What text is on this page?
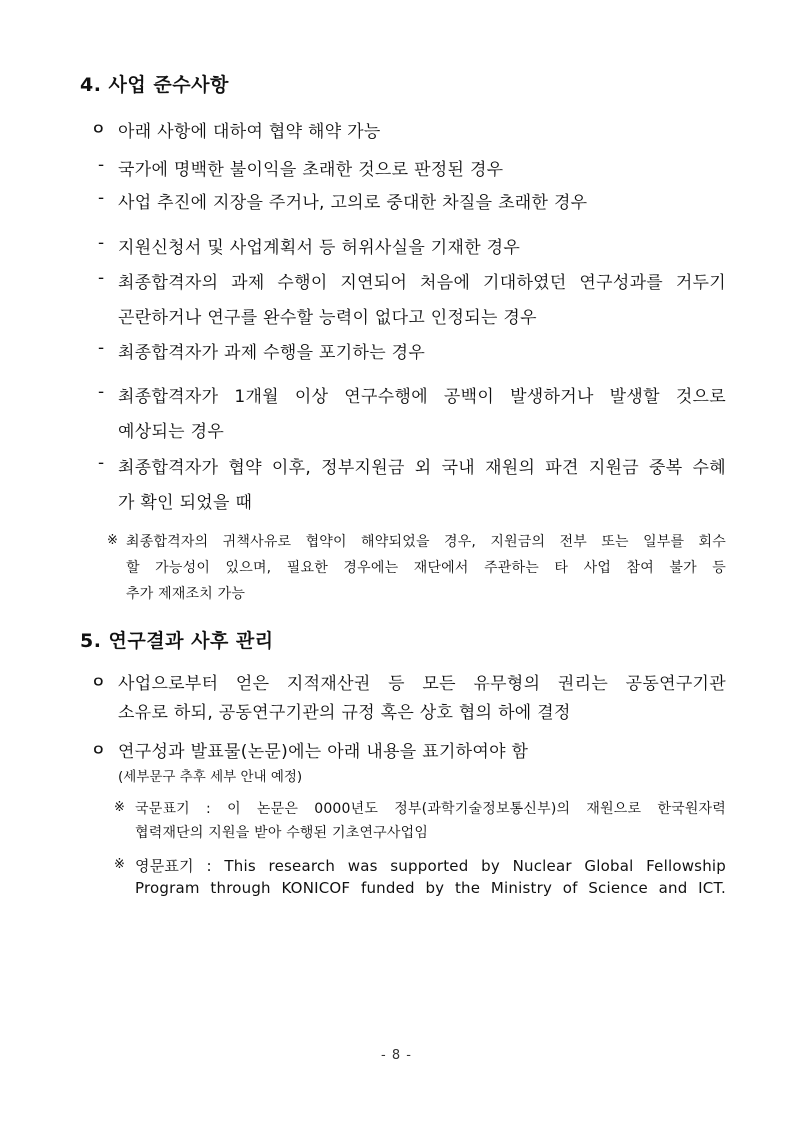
4. 사업 준수사항
ㅇ 아래 사항에 대하여 협약 해약 가능
- 국가에 명백한 불이익을 초래한 것으로 판정된 경우
- 사업 추진에 지장을 주거나, 고의로 중대한 차질을 초래한 경우
- 지원신청서 및 사업계획서 등 허위사실을 기재한 경우
- 최종합격자의 과제 수행이 지연되어 처음에 기대하였던 연구성과를 거두기
곤란하거나 연구를 완수할 능력이 없다고 인정되는 경우
- 최종합격자가 과제 수행을 포기하는 경우
- 최종합격자가 1개월 이상 연구수행에 공백이 발생하거나 발생할 것으로
예상되는 경우
- 최종합격자가 협약 이후, 정부지원금 외 국내 재원의 파견 지원금 중복 수혜
가 확인 되었을 때
※ 최종합격자의 귀책사유로 협약이 해약되었을 경우, 지원금의 전부 또는 일부를 회수
할 가능성이 있으며, 필요한 경우에는 재단에서 주관하는 타 사업 참여 불가 등
추가 제재조치 가능
5. 연구결과 사후 관리
ㅇ 사업으로부터 얻은 지적재산권 등 모든 유무형의 권리는 공동연구기관
소유로 하되, 공동연구기관의 규정 혹은 상호 협의 하에 결정
ㅇ 연구성과 발표물(논문)에는 아래 내용을 표기하여야 함
(세부문구 추후 세부 안내 예정)
※ 국문표기 : 이 논문은 0000년도 정부(과학기술정보통신부)의 재원으로 한국원자력
협력재단의 지원을 받아 수행된 기초연구사업임
※ 영문표기 : This research was supported by Nuclear Global Fellowship
Program through KONICOF funded by the Ministry of Science and ICT.
- 8 -
